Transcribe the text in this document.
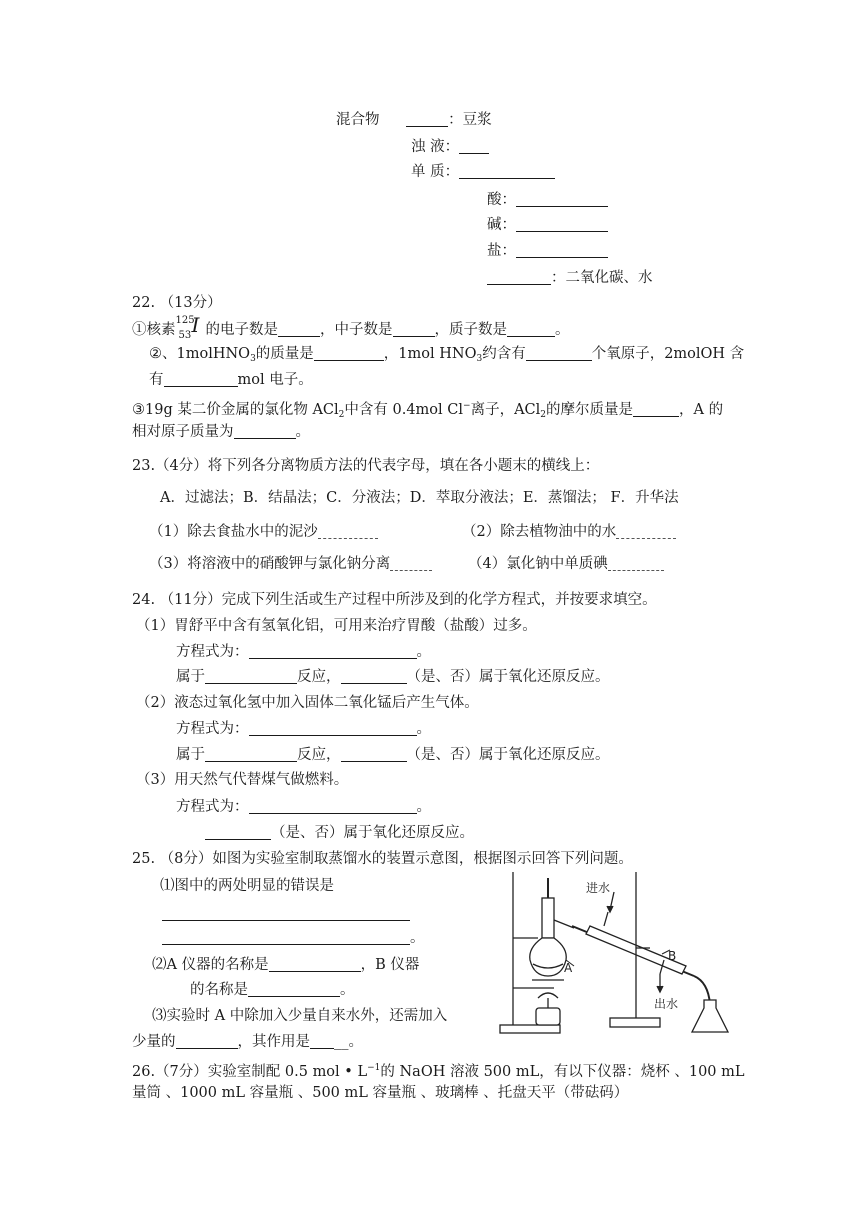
混合物	：豆浆
浊 液：
单 质：
酸：
碱：
盐：
：二氧化碳、水
22. （13分）
①核素
125
53 I 的电子数是	，中子数是	，质子数是	。
②、1molHNO$_3$的质量是	，1mol $HNO_3$约含有	个氧原子，2molOH 含
有	mol 电子。
③19g 某二价金属的氯化物 ACl$_2$中含有 0.4mol Cl−离子，ACl$_2$的摩尔质量是	，A 的
相对原子质量为	。
23.（4分）将下列各分离物质方法的代表字母，填在各小题末的横线上：
A．过滤法；B．结晶法；C．分液法；D．萃取分液法；E．蒸馏法； F．升华法
（1）除去食盐水中的泥沙	（2）除去植物油中的水
（3）将溶液中的硝酸钾与氯化钠分离	（4）氯化钠中单质碘
24. （11分）完成下列生活或生产过程中所涉及到的化学方程式，并按要求填空。
（1）胃舒平中含有氢氧化铝，可用来治疗胃酸（盐酸）过多。
方程式为：	。
属于	反应，	（是、否）属于氧化还原反应。
（2）液态过氧化氢中加入固体二氧化锰后产生气体。
方程式为：	。
属于	反应，	（是、否）属于氧化还原反应。
（3）用天然气代替煤气做燃料。
方程式为：	。
（是、否）属于氧化还原反应。
25. （8分）如图为实验室制取蒸馏水的装置示意图，根据图示回答下列问题。
⑴图中的两处明显的错误是
。
⑵A 仪器的名称是	，B 仪器
的名称是	。
⑶实验时 A 中除加入少量自来水外，还需加入
少量的	，其作用是 __。
进水
出水
A
B
26.（7分）实验室制配 0.5 mol • $L^{-1}$的 NaOH 溶液 500 mL，有以下仪器：烧杯 、100 mL
量筒 、1000 mL 容量瓶 、500 mL 容量瓶 、玻璃棒 、托盘天平（带砝码）
